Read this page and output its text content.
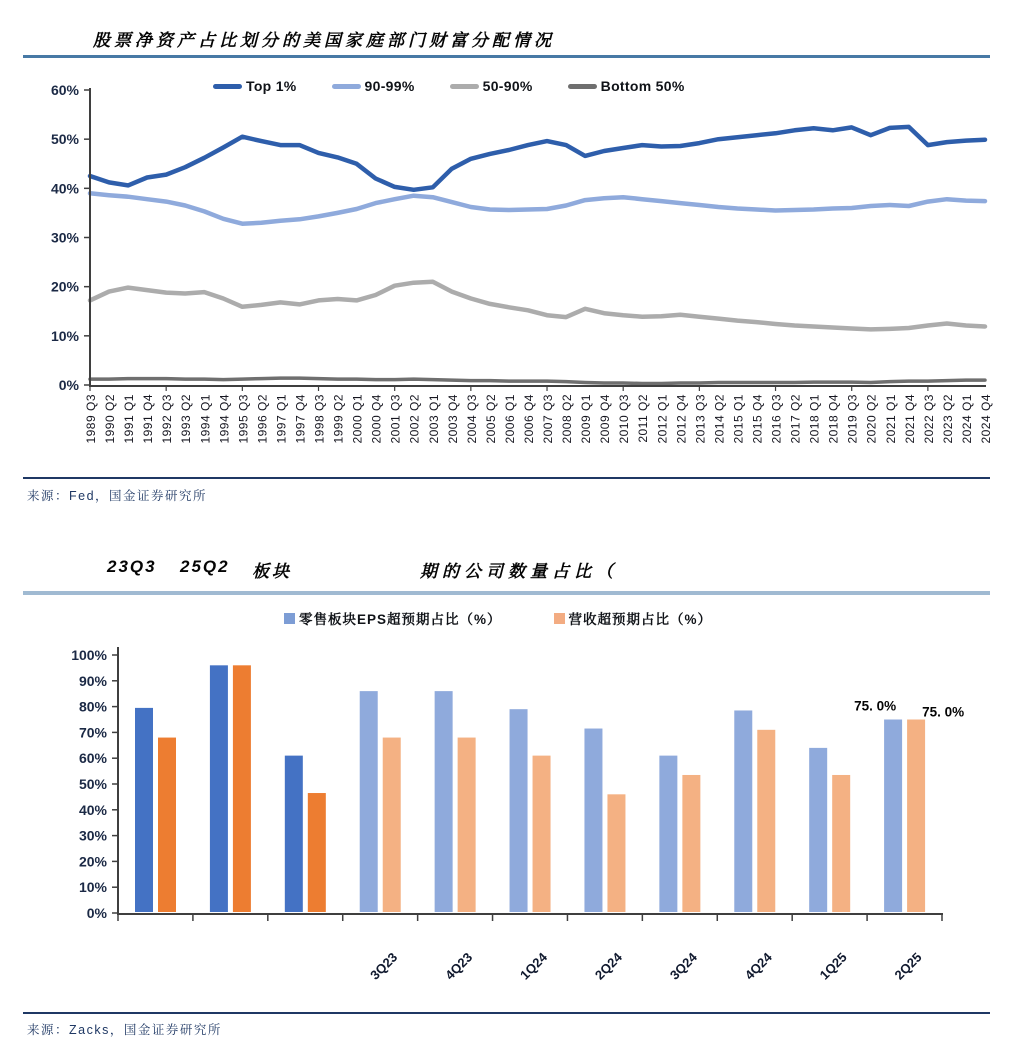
股票净资产占比划分的美国家庭部门财富分配情况
Top 1%	90-99%	50-90%	Bottom 50%
0%
10%
20%
30%
40%
50%
60%
1989 Q3 1990 Q2 1991 Q1 1991 Q4 1992 Q3 1993 Q2 1994 Q1 1994 Q4 1995 Q3 1996 Q2 1997 Q1 1997 Q4 1998 Q3 1999 Q2 2000 Q1 2000 Q4 2001 Q3 2002 Q2 2003 Q1 2003 Q4 2004 Q3 2005 Q2 2006 Q1 2006 Q4 2007 Q3 2008 Q2 2009 Q1 2009 Q4 2010 Q3 2011 Q2 2012 Q1 2012 Q4 2013 Q3 2014 Q2 2015 Q1 2015 Q4 2016 Q3 2017 Q2 2018 Q1 2018 Q4 2019 Q3 2020 Q2 2021 Q1 2021 Q4 2022 Q3 2023 Q2 2024 Q1 2024 Q4
来源：Fed，国金证券研究所
23Q3 25Q2 板块	期的公司数量占比（
零售板块EPS超预期占比（%）	营收超预期占比（%）
0%
10%
20%
30%
40%
50%
60%
70%
80%
90%
100%
3Q23	4Q23	1Q24	2Q24	3Q24	4Q24	1Q25	2Q25
75. 0% 75. 0%
来源：Zacks，国金证券研究所
